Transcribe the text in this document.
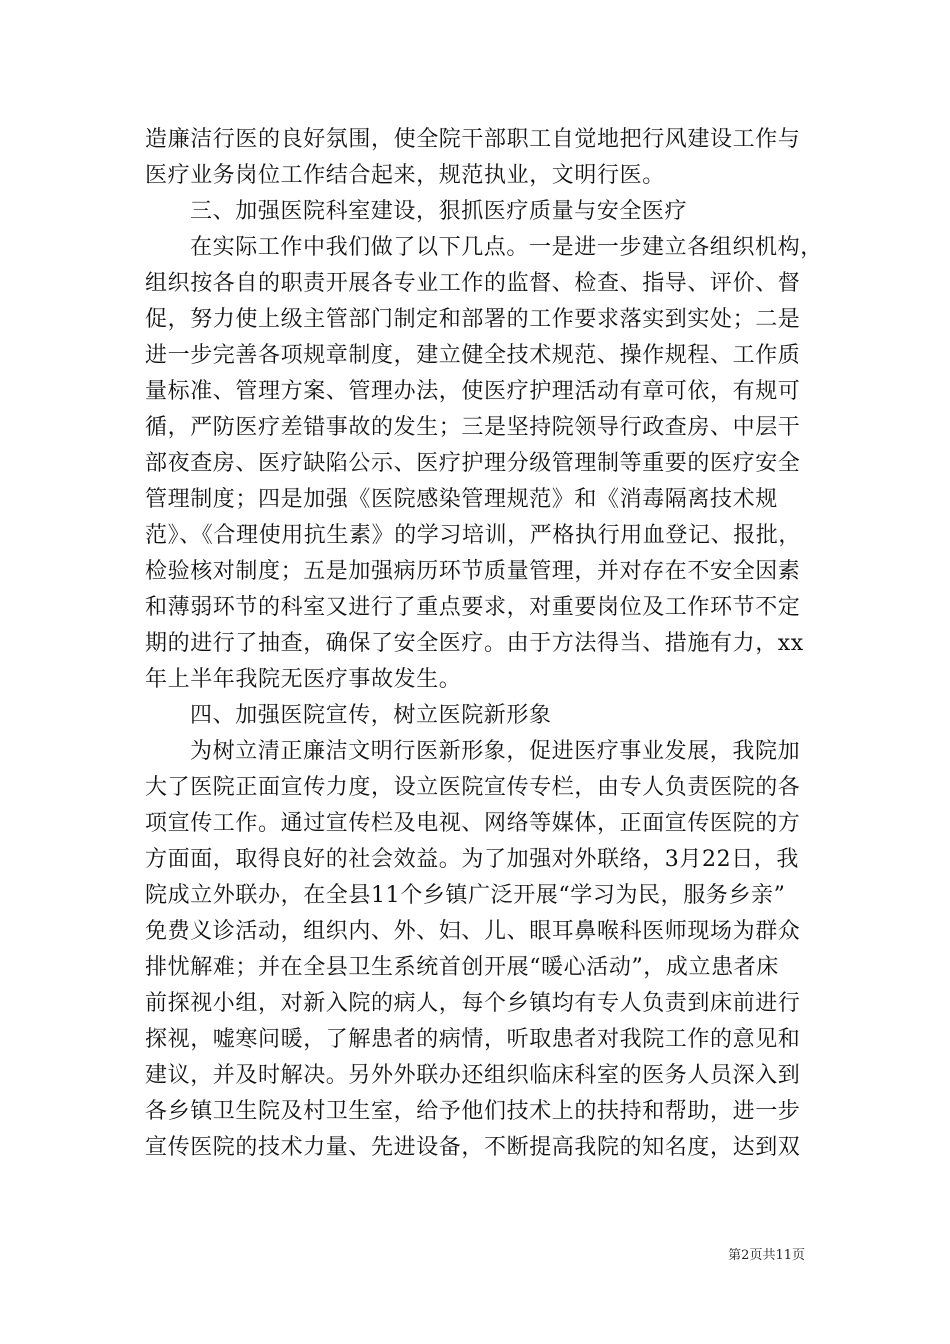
造廉洁行医的良好氛围，使全院干部职工自觉地把行风建设工作与
医疗业务岗位工作结合起来，规范执业，文明行医。
三、加强医院科室建设，狠抓医疗质量与安全医疗
在实际工作中我们做了以下几点。一是进一步建立各组织机构，
组织按各自的职责开展各专业工作的监督、检查、指导、评价、督
促，努力使上级主管部门制定和部署的工作要求落实到实处；二是
进一步完善各项规章制度，建立健全技术规范、操作规程、工作质
量标准、管理方案、管理办法，使医疗护理活动有章可依，有规可
循，严防医疗差错事故的发生；三是坚持院领导行政查房、中层干
部夜查房、医疗缺陷公示、医疗护理分级管理制等重要的医疗安全
管理制度；四是加强《医院感染管理规范》和《消毒隔离技术规
范》、《合理使用抗生素》的学习培训，严格执行用血登记、报批，
检验核对制度；五是加强病历环节质量管理，并对存在不安全因素
和薄弱环节的科室又进行了重点要求，对重要岗位及工作环节不定
期的进行了抽查，确保了安全医疗。由于方法得当、措施有力，xx
年上半年我院无医疗事故发生。
四、加强医院宣传，树立医院新形象
为树立清正廉洁文明行医新形象，促进医疗事业发展，我院加
大了医院正面宣传力度，设立医院宣传专栏，由专人负责医院的各
项宣传工作。通过宣传栏及电视、网络等媒体，正面宣传医院的方
方面面，取得良好的社会效益。为了加强对外联络，3月22日，我
院成立外联办，在全县11个乡镇广泛开展“学习为民，服务乡亲”
免费义诊活动，组织内、外、妇、儿、眼耳鼻喉科医师现场为群众
排忧解难；并在全县卫生系统首创开展“暖心活动”，成立患者床
前探视小组，对新入院的病人，每个乡镇均有专人负责到床前进行
探视，嘘寒问暖，了解患者的病情，听取患者对我院工作的意见和
建议，并及时解决。另外外联办还组织临床科室的医务人员深入到
各乡镇卫生院及村卫生室，给予他们技术上的扶持和帮助，进一步
宣传医院的技术力量、先进设备，不断提高我院的知名度，达到双
第2页共11页
